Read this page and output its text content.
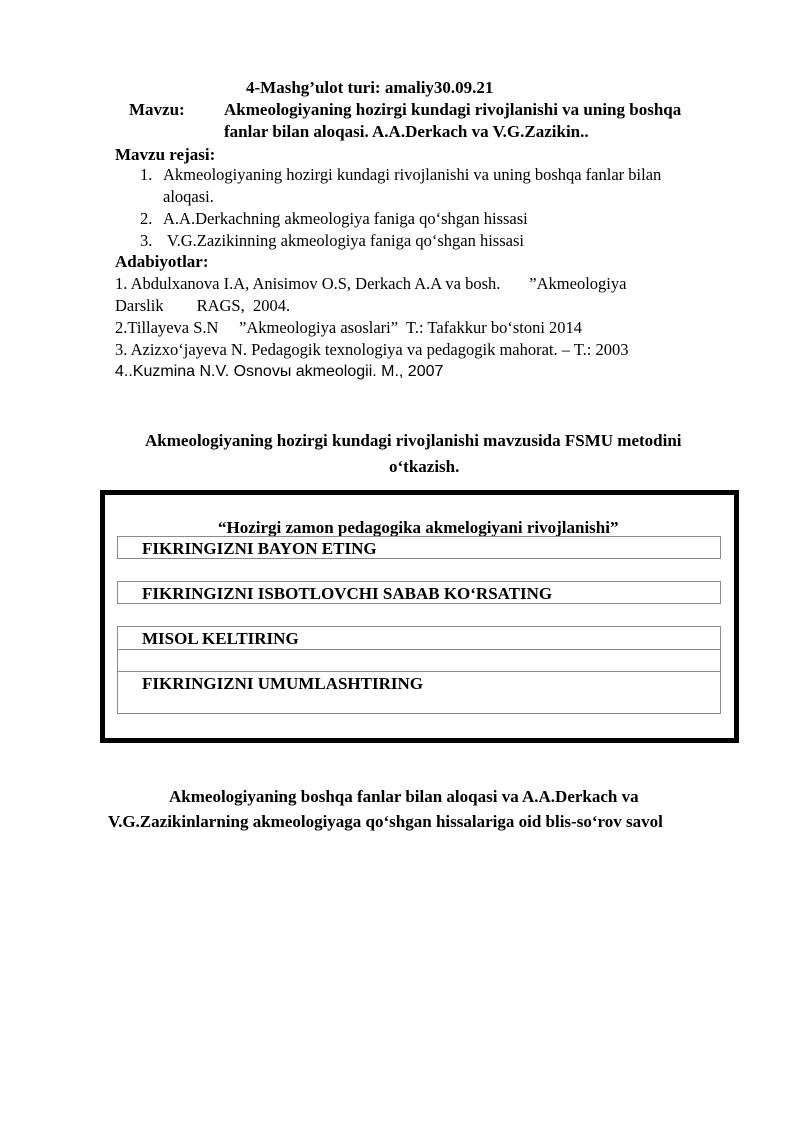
4-Mashg’ulot turi: amaliy30.09.21
Mavzu: Akmeologiyaning hozirgi kundagi rivojlanishi va uning boshqa
fanlar bilan aloqasi. A.A.Derkach va V.G.Zazikin..
Mavzu rejasi:
1. Akmeologiyaning hozirgi kundagi rivojlanishi va uning boshqa fanlar bilan
aloqasi.
2. A.A.Derkachning akmeologiya faniga qo‘shgan hissasi
3. V.G.Zazikinning akmeologiya faniga qo‘shgan hissasi
Adabiyotlar:
1. Abdulxanova I.A, Anisimov O.S, Derkach A.A va bosh.       ”Akmeologiya
Darslik        RAGS,  2004.
2.Tillayeva S.N     ”Akmeologiya asoslari”  T.: Tafakkur bo‘stoni 2014
3. Azizxo‘jayeva N. Pedagogik texnologiya va pedagogik mahorat. – T.: 2003
4..Kuzmina N.V. Osnovы akmeologii. M., 2007
Akmeologiyaning hozirgi kundagi rivojlanishi mavzusida FSMU metodini
o‘tkazish.
“Hozirgi zamon pedagogika akmelogiyani rivojlanishi”
FIKRINGIZNI BAYON ETING
FIKRINGIZNI ISBOTLOVCHI SABAB KO‘RSATING
MISOL KELTIRING
FIKRINGIZNI UMUMLASHTIRING
Akmeologiyaning boshqa fanlar bilan aloqasi va A.A.Derkach va
V.G.Zazikinlarning akmeologiyaga qo‘shgan hissalariga oid blis-so‘rov savol
